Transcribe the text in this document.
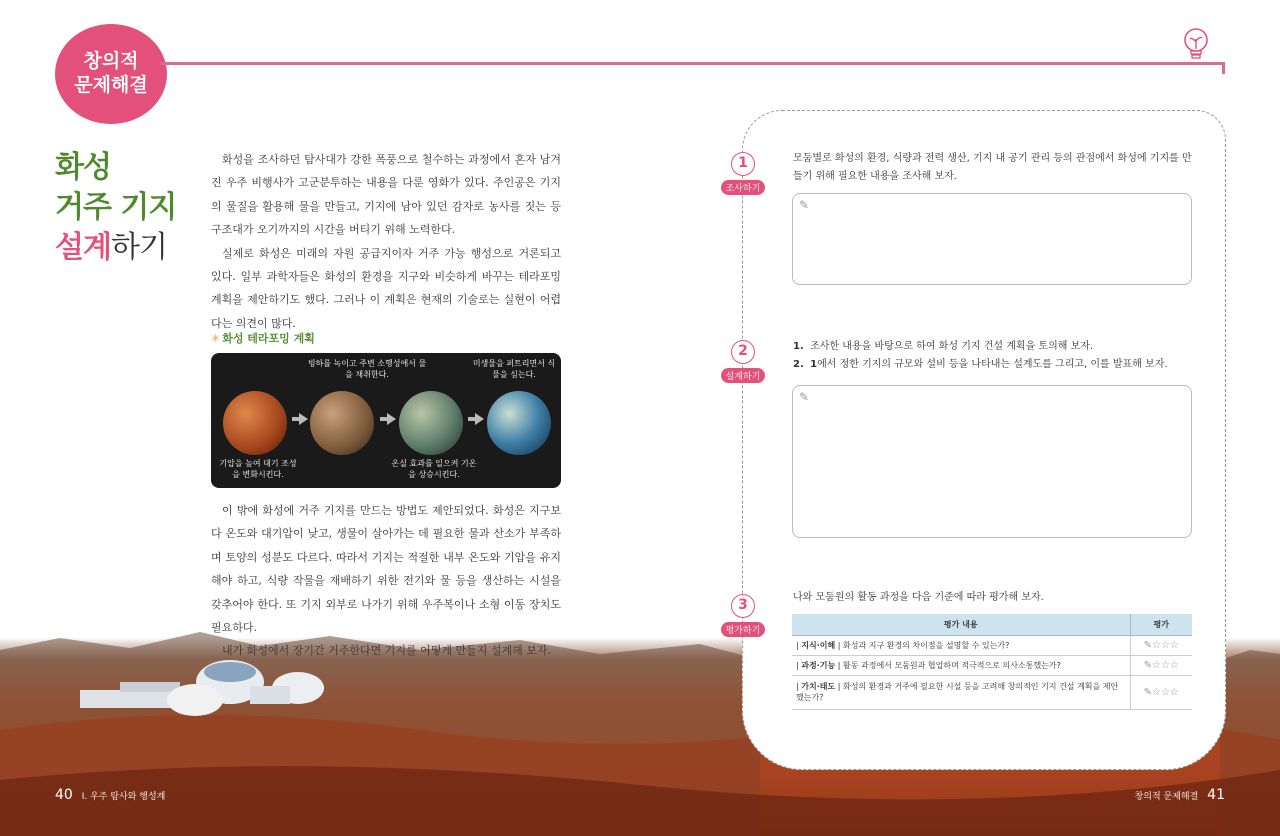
창의적
문제해결
화성
거주 기지
설계하기

화성을 조사하던 탐사대가 강한 폭풍으로 철수하는 과정에서 혼자 남겨진 우주 비행사가 고군분투하는 내용을 다룬 영화가 있다. 주인공은 기지의 물질을 활용해 물을 만들고, 기지에 남아 있던 감자로 농사를 짓는 등 구조대가 오기까지의 시간을 버티기 위해 노력한다.

실제로 화성은 미래의 자원 공급지이자 거주 가능 행성으로 거론되고 있다. 일부 과학자들은 화성의 환경을 지구와 비슷하게 바꾸는 테라포밍 계획을 제안하기도 했다. 그러나 이 계획은 현재의 기술로는 실현이 어렵다는 의견이 많다.

✳ 화성 테라포밍 계획
빙하를 녹이고 주변 소행성에서 물을 채취한다.
미생물을 퍼트리면서 식물을 심는다.
기압을 높여 대기 조성을 변화시킨다.
온실 효과를 일으켜 기온을 상승시킨다.

이 밖에 화성에 거주 기지를 만드는 방법도 제안되었다. 화성은 지구보다 온도와 대기압이 낮고, 생물이 살아가는 데 필요한 물과 산소가 부족하며 토양의 성분도 다르다. 따라서 기지는 적절한 내부 온도와 기압을 유지해야 하고, 식량 작물을 재배하기 위한 전기와 물 등을 생산하는 시설을 갖추어야 한다. 또 기지 외부로 나가기 위해 우주복이나 소형 이동 장치도 필요하다.

내가 화성에서 장기간 거주한다면 기지를 어떻게 만들지 설계해 보자.

1
조사하기
모둠별로 화성의 환경, 식량과 전력 생산, 기지 내 공기 관리 등의 관점에서 화성에 기지를 만들기 위해 필요한 내용을 조사해 보자.
✎
2
설계하기
1. 조사한 내용을 바탕으로 하여 화성 기지 건설 계획을 토의해 보자.
2. 1에서 정한 기지의 규모와 설비 등을 나타내는 설계도를 그리고, 이를 발표해 보자.
✎
3
평가하기
나와 모둠원의 활동 과정을 다음 기준에 따라 평가해 보자.
평가 내용	평가
| 지식·이해 | 화성과 지구 환경의 차이점을 설명할 수 있는가?	✎☆☆☆
| 과정·기능 | 활동 과정에서 모둠원과 협업하며 적극적으로 의사소통했는가?	✎☆☆☆
| 가치·태도 | 화성의 환경과 거주에 필요한 시설 등을 고려해 창의적인 기지 건설 계획을 제안했는가?	✎☆☆☆
40 I. 우주 탐사와 행성계	창의적 문제해결 41
